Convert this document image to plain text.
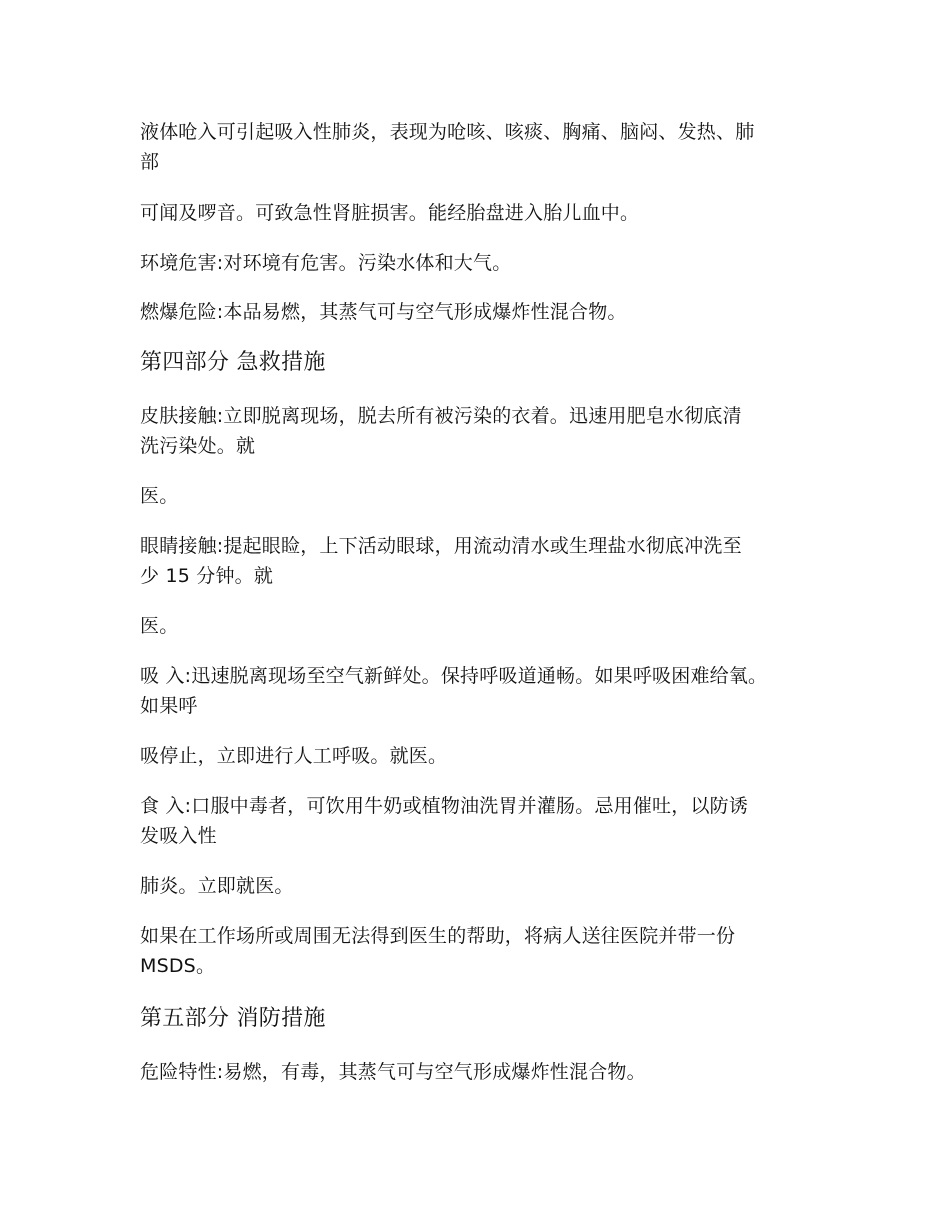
液体呛入可引起吸入性肺炎，表现为呛咳、咳痰、胸痛、脑闷、发热、肺
部
可闻及啰音。可致急性肾脏损害。能经胎盘进入胎儿血中。
环境危害:对环境有危害。污染水体和大气。
燃爆危险:本品易燃，其蒸气可与空气形成爆炸性混合物。
第四部分 急救措施
皮肤接触:立即脱离现场，脱去所有被污染的衣着。迅速用肥皂水彻底清
洗污染处。就
医。
眼睛接触:提起眼睑，上下活动眼球，用流动清水或生理盐水彻底冲洗至
少 15 分钟。就
医。
吸 入:迅速脱离现场至空气新鲜处。保持呼吸道通畅。如果呼吸困难给氧。
如果呼
吸停止，立即进行人工呼吸。就医。
食 入:口服中毒者，可饮用牛奶或植物油洗胃并灌肠。忌用催吐，以防诱
发吸入性
肺炎。立即就医。
如果在工作场所或周围无法得到医生的帮助，将病人送往医院并带一份
MSDS。
第五部分 消防措施
危险特性:易燃，有毒，其蒸气可与空气形成爆炸性混合物。
